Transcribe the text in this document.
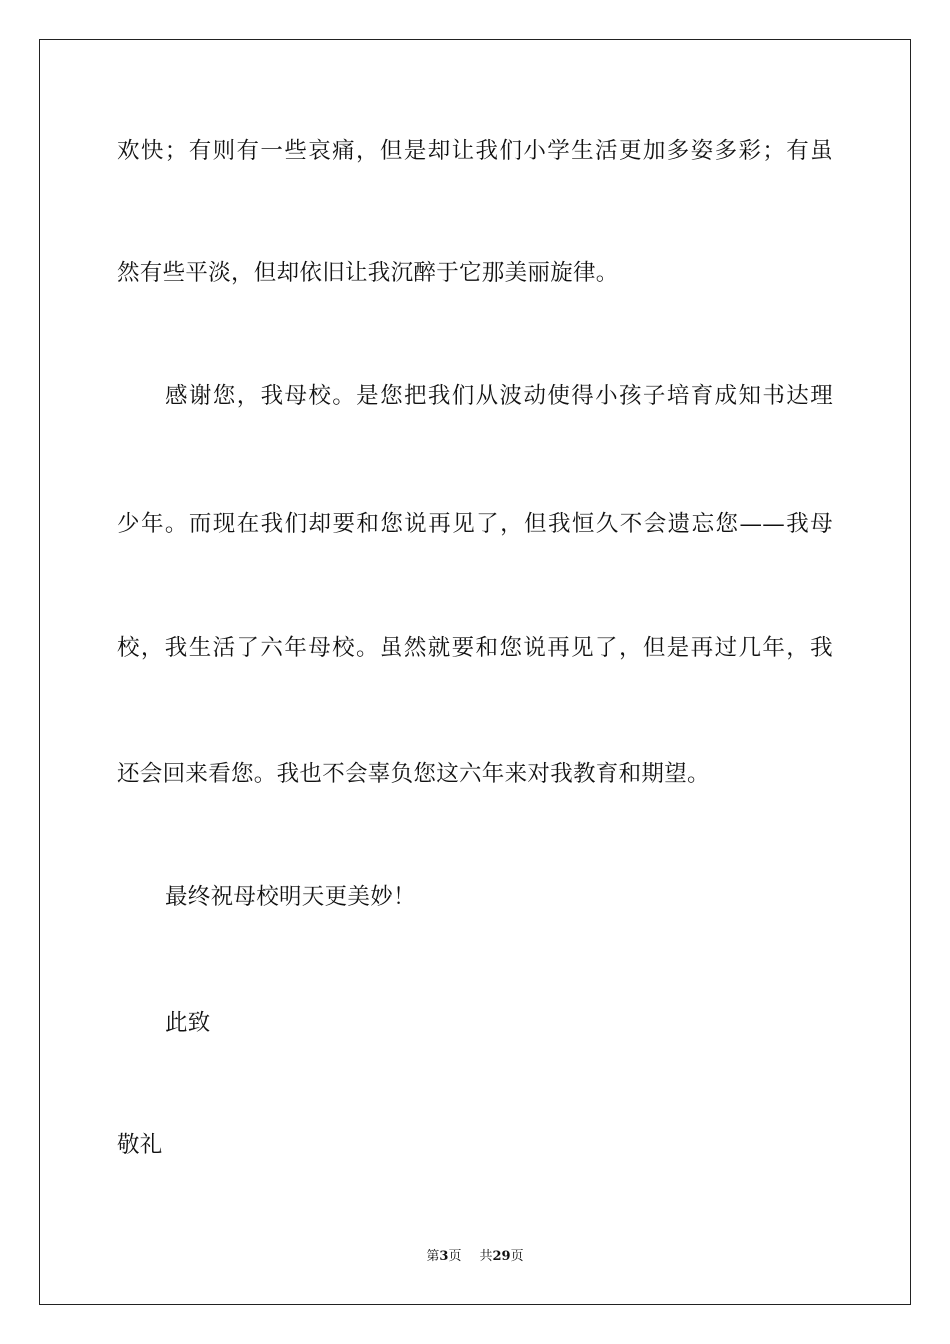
欢快；有则有一些哀痛，但是却让我们小学生活更加多姿多彩；有虽
然有些平淡，但却依旧让我沉醉于它那美丽旋律。
感谢您，我母校。是您把我们从波动使得小孩子培育成知书达理
少年。而现在我们却要和您说再见了，但我恒久不会遗忘您——我母
校，我生活了六年母校。虽然就要和您说再见了，但是再过几年，我
还会回来看您。我也不会辜负您这六年来对我教育和期望。
最终祝母校明天更美妙！
此致
敬礼
第3页 共29页
